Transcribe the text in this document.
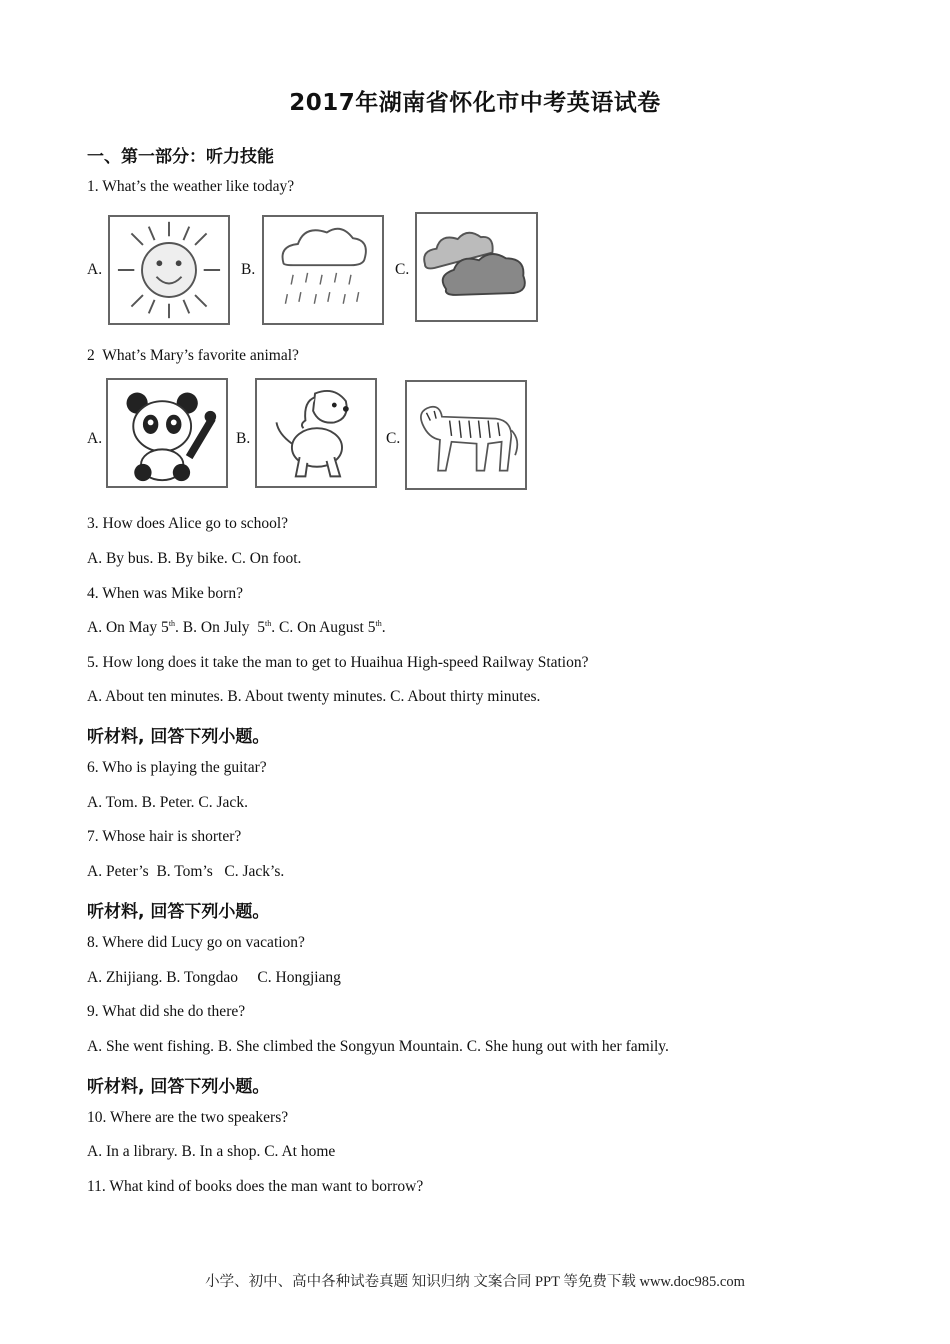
2017年湖南省怀化市中考英语试卷
一、第一部分：听力技能
1. What’s the weather like today?
A.	B.	C.
2  What’s Mary’s favorite animal?
A.	B.	C.
3. How does Alice go to school?
A. By bus. B. By bike. C. On foot.
4. When was Mike born?
A. On May 5th. B. On July  5th. C. On August 5th.
5. How long does it take the man to get to Huaihua High-speed Railway Station?
A. About ten minutes. B. About twenty minutes. C. About thirty minutes.
听材料, 回答下列小题。
6. Who is playing the guitar?
A. Tom. B. Peter. C. Jack.
7. Whose hair is shorter?
A. Peter’s  B. Tom’s   C. Jack’s.
听材料, 回答下列小题。
8. Where did Lucy go on vacation?
A. Zhijiang. B. Tongdao     C. Hongjiang
9. What did she do there?
A. She went fishing. B. She climbed the Songyun Mountain. C. She hung out with her family.
听材料, 回答下列小题。
10. Where are the two speakers?
A. In a library. B. In a shop. C. At home
11. What kind of books does the man want to borrow?
小学、初中、高中各种试卷真题 知识归纳 文案合同 PPT 等免费下载 www.doc985.com
